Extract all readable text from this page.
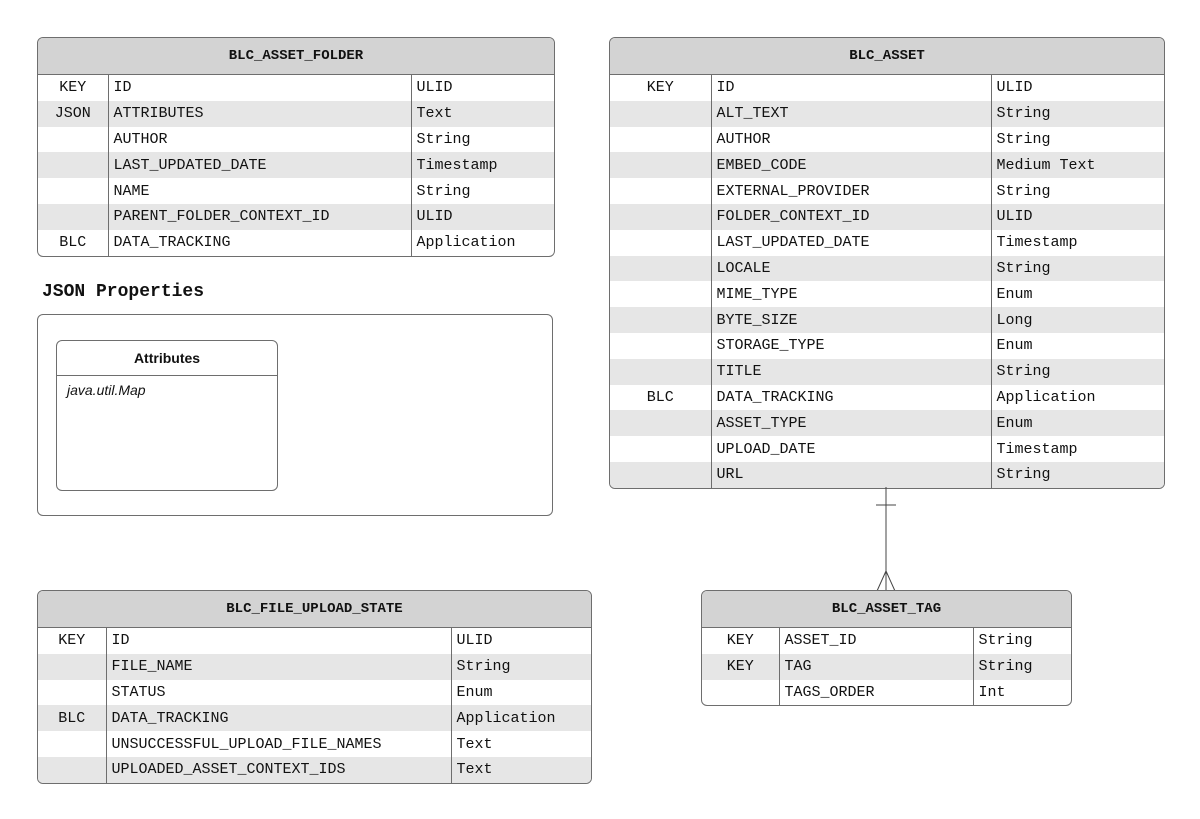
BLC_ASSET_FOLDER
KEY	ID	ULID
JSON	ATTRIBUTES	Text
	AUTHOR	String
	LAST_UPDATED_DATE	Timestamp
	NAME	String
	PARENT_FOLDER_CONTEXT_ID	ULID
BLC	DATA_TRACKING	Application
JSON Properties
Attributes
java.util.Map
BLC_ASSET
KEY	ID	ULID
	ALT_TEXT	String
	AUTHOR	String
	EMBED_CODE	Medium Text
	EXTERNAL_PROVIDER	String
	FOLDER_CONTEXT_ID	ULID
	LAST_UPDATED_DATE	Timestamp
	LOCALE	String
	MIME_TYPE	Enum
	BYTE_SIZE	Long
	STORAGE_TYPE	Enum
	TITLE	String
BLC	DATA_TRACKING	Application
	ASSET_TYPE	Enum
	UPLOAD_DATE	Timestamp
	URL	String
BLC_FILE_UPLOAD_STATE
KEY	ID	ULID
	FILE_NAME	String
	STATUS	Enum
BLC	DATA_TRACKING	Application
	UNSUCCESSFUL_UPLOAD_FILE_NAMES	Text
	UPLOADED_ASSET_CONTEXT_IDS	Text
BLC_ASSET_TAG
KEY	ASSET_ID	String
KEY	TAG	String
	TAGS_ORDER	Int
